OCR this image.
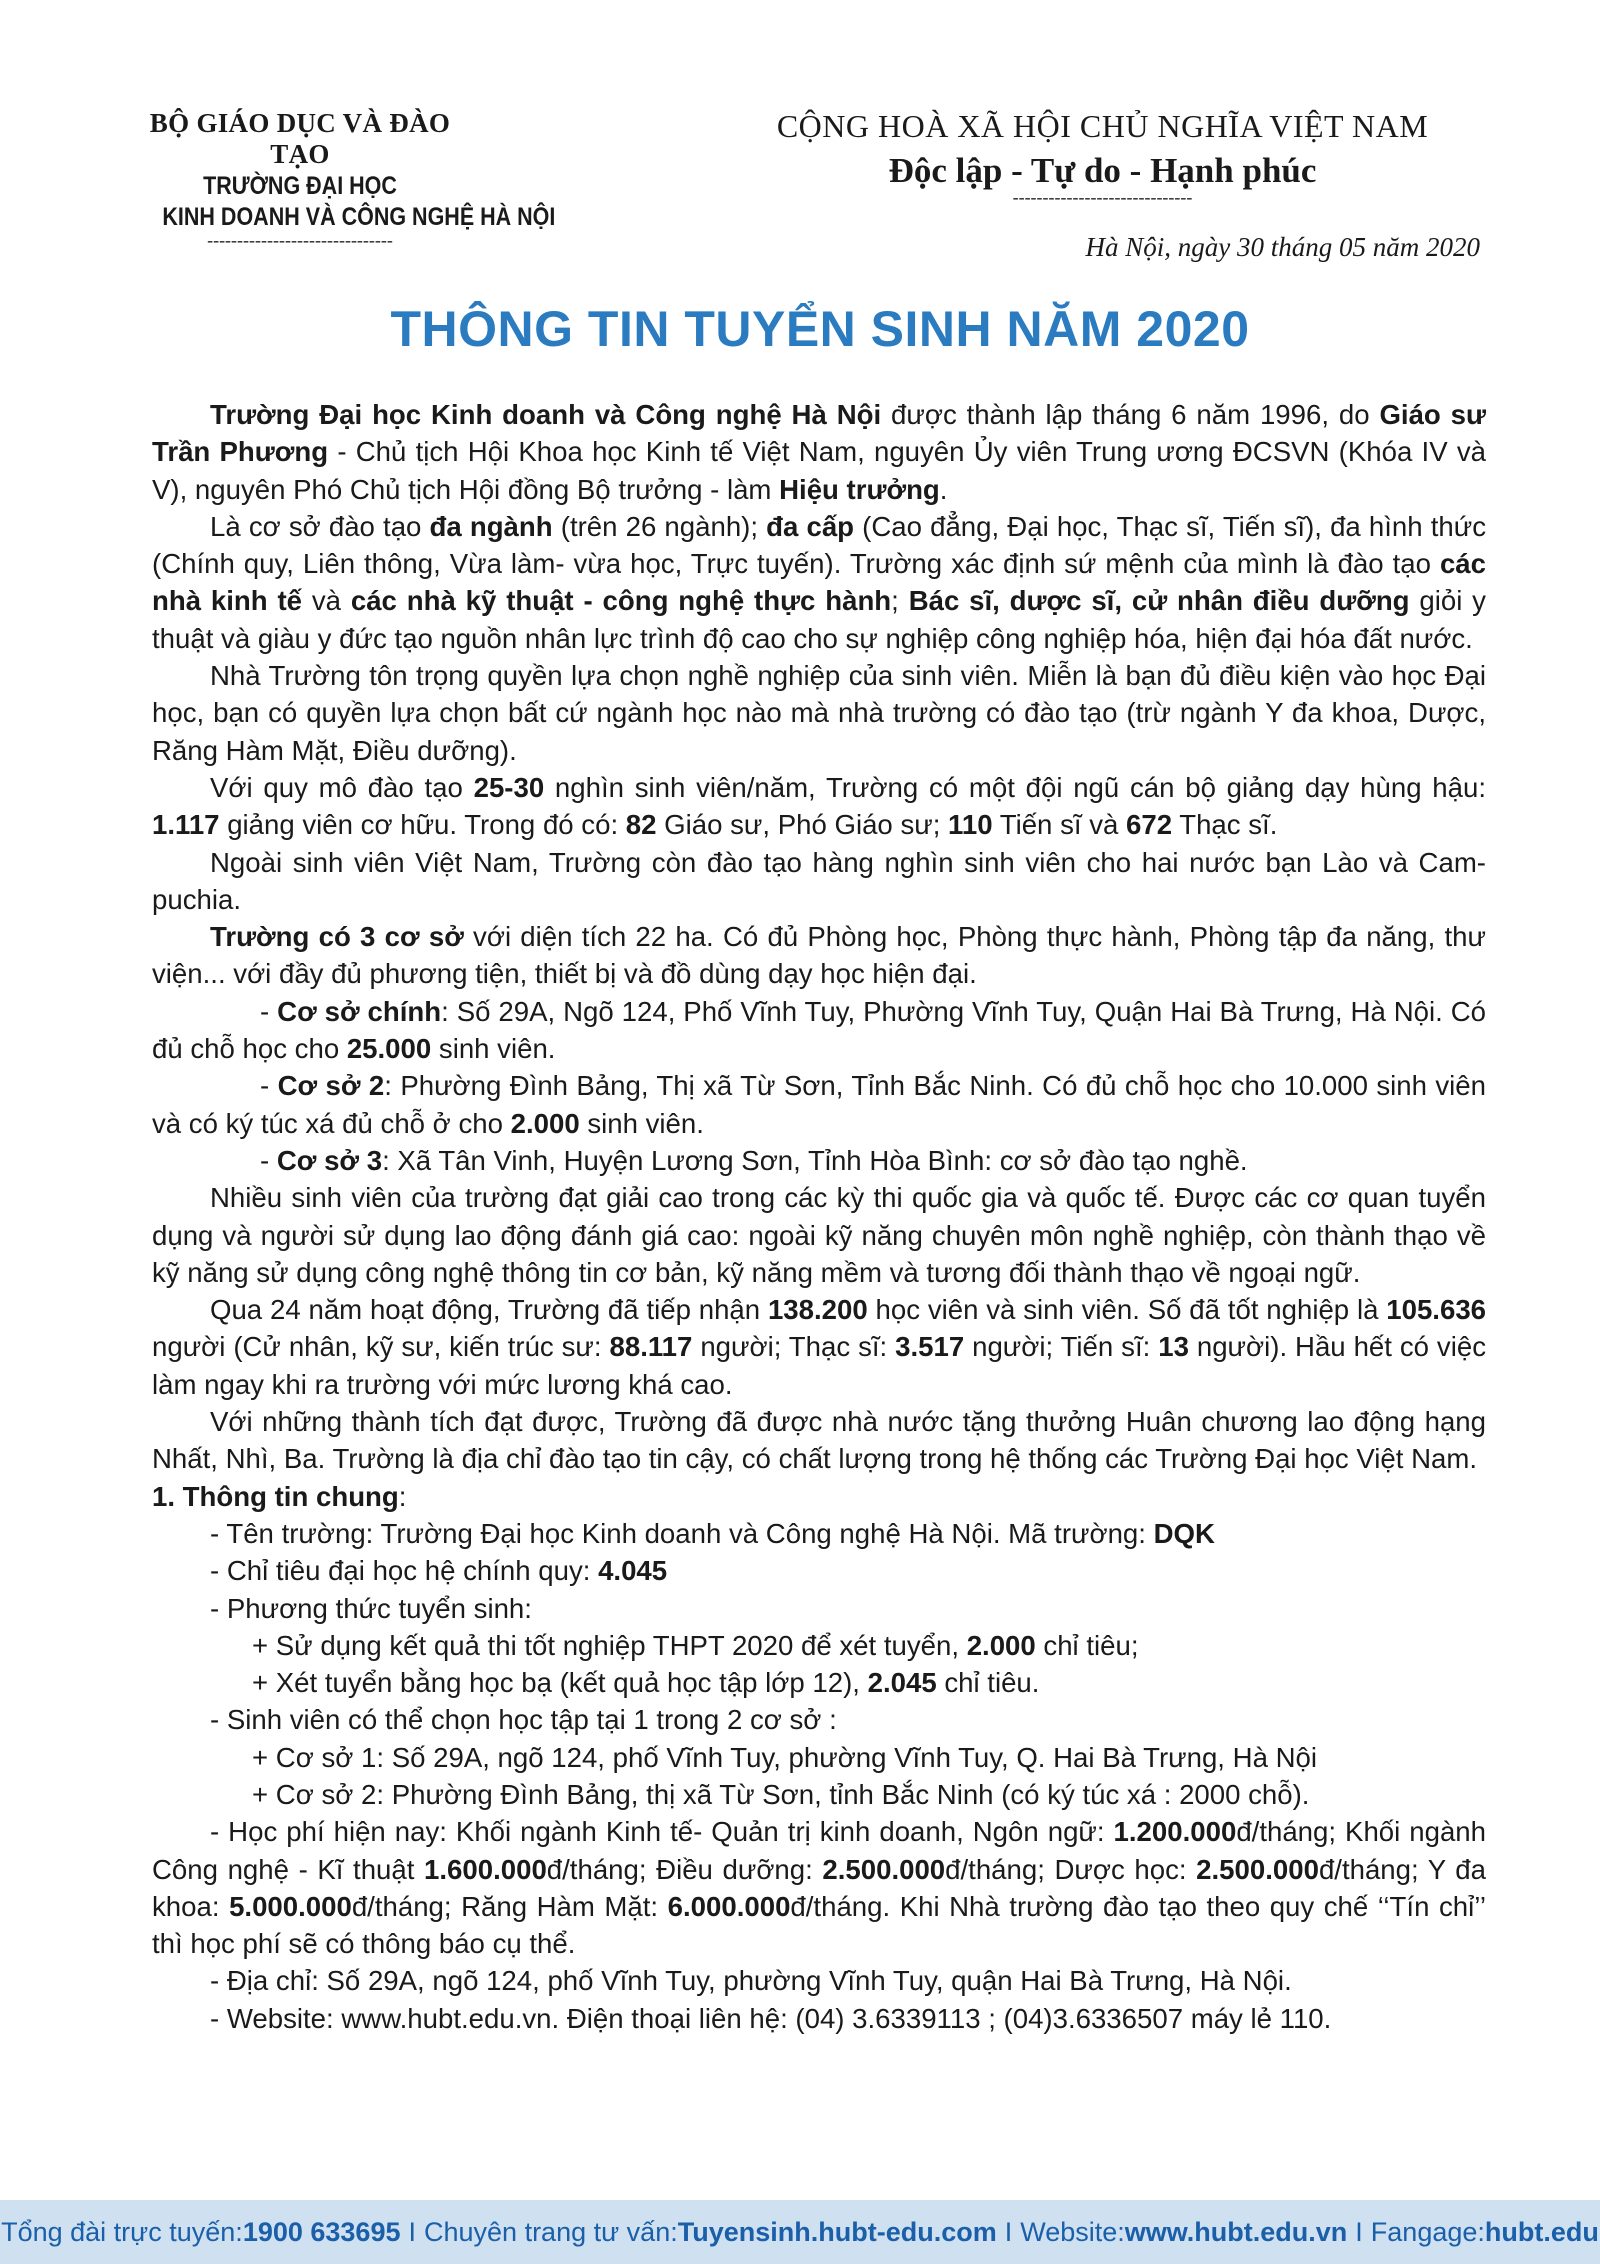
BỘ GIÁO DỤC VÀ ĐÀO TẠO
TRƯỜNG ĐẠI HỌC
KINH DOANH VÀ CÔNG NGHỆ HÀ NỘI
-------------------------------
CỘNG HOÀ XÃ HỘI CHỦ NGHĨA VIỆT NAM
Độc lập - Tự do - Hạnh phúc
------------------------------
Hà Nội, ngày 30 tháng 05 năm 2020
THÔNG TIN TUYỂN SINH NĂM 2020

Trường Đại học Kinh doanh và Công nghệ Hà Nội được thành lập tháng 6 năm 1996, do Giáo sư Trần Phương - Chủ tịch Hội Khoa học Kinh tế Việt Nam, nguyên Ủy viên Trung ương ĐCSVN (Khóa IV và V), nguyên Phó Chủ tịch Hội đồng Bộ trưởng - làm Hiệu trưởng.

Là cơ sở đào tạo đa ngành (trên 26 ngành); đa cấp (Cao đẳng, Đại học, Thạc sĩ, Tiến sĩ), đa hình thức (Chính quy, Liên thông, Vừa làm- vừa học, Trực tuyến). Trường xác định sứ mệnh của mình là đào tạo các nhà kinh tế và các nhà kỹ thuật - công nghệ thực hành; Bác sĩ, dược sĩ, cử nhân điều dưỡng giỏi y thuật và giàu y đức tạo nguồn nhân lực trình độ cao cho sự nghiệp công nghiệp hóa, hiện đại hóa đất nước.

Nhà Trường tôn trọng quyền lựa chọn nghề nghiệp của sinh viên. Miễn là bạn đủ điều kiện vào học Đại học, bạn có quyền lựa chọn bất cứ ngành học nào mà nhà trường có đào tạo (trừ ngành Y đa khoa, Dược, Răng Hàm Mặt, Điều dưỡng).

Với quy mô đào tạo 25-30 nghìn sinh viên/năm, Trường có một đội ngũ cán bộ giảng dạy hùng hậu: 1.117 giảng viên cơ hữu. Trong đó có: 82 Giáo sư, Phó Giáo sư; 110 Tiến sĩ và 672 Thạc sĩ.

Ngoài sinh viên Việt Nam, Trường còn đào tạo hàng nghìn sinh viên cho hai nước bạn Lào và Cam-puchia.

Trường có 3 cơ sở với diện tích 22 ha. Có đủ Phòng học, Phòng thực hành, Phòng tập đa năng, thư viện... với đầy đủ phương tiện, thiết bị và đồ dùng dạy học hiện đại.

- Cơ sở chính: Số 29A, Ngõ 124, Phố Vĩnh Tuy, Phường Vĩnh Tuy, Quận Hai Bà Trưng, Hà Nội. Có đủ chỗ học cho 25.000 sinh viên.

- Cơ sở 2: Phường Đình Bảng, Thị xã Từ Sơn, Tỉnh Bắc Ninh. Có đủ chỗ học cho 10.000 sinh viên và có ký túc xá đủ chỗ ở cho 2.000 sinh viên.

- Cơ sở 3: Xã Tân Vinh, Huyện Lương Sơn, Tỉnh Hòa Bình: cơ sở đào tạo nghề.

Nhiều sinh viên của trường đạt giải cao trong các kỳ thi quốc gia và quốc tế. Được các cơ quan tuyển dụng và người sử dụng lao động đánh giá cao: ngoài kỹ năng chuyên môn nghề nghiệp, còn thành thạo về kỹ năng sử dụng công nghệ thông tin cơ bản, kỹ năng mềm và tương đối thành thạo về ngoại ngữ.

Qua 24 năm hoạt động, Trường đã tiếp nhận 138.200 học viên và sinh viên. Số đã tốt nghiệp là 105.636 người (Cử nhân, kỹ sư, kiến trúc sư: 88.117 người; Thạc sĩ: 3.517 người; Tiến sĩ: 13 người). Hầu hết có việc làm ngay khi ra trường với mức lương khá cao.

Với những thành tích đạt được, Trường đã được nhà nước tặng thưởng Huân chương lao động hạng Nhất, Nhì, Ba. Trường là địa chỉ đào tạo tin cậy, có chất lượng trong hệ thống các Trường Đại học Việt Nam.

1. Thông tin chung:

- Tên trường: Trường Đại học Kinh doanh và Công nghệ Hà Nội. Mã trường: DQK

- Chỉ tiêu đại học hệ chính quy: 4.045

- Phương thức tuyển sinh:

+ Sử dụng kết quả thi tốt nghiệp THPT 2020 để xét tuyển, 2.000 chỉ tiêu;

+ Xét tuyển bằng học bạ (kết quả học tập lớp 12), 2.045 chỉ tiêu.

- Sinh viên có thể chọn học tập tại 1 trong 2 cơ sở :

+ Cơ sở 1: Số 29A, ngõ 124, phố Vĩnh Tuy, phường Vĩnh Tuy, Q. Hai Bà Trưng, Hà Nội

+ Cơ sở 2: Phường Đình Bảng, thị xã Từ Sơn, tỉnh Bắc Ninh (có ký túc xá : 2000 chỗ).

- Học phí hiện nay: Khối ngành Kinh tế- Quản trị kinh doanh, Ngôn ngữ: 1.200.000đ/tháng; Khối ngành Công nghệ - Kĩ thuật 1.600.000đ/tháng; Điều dưỡng: 2.500.000đ/tháng; Dược học: 2.500.000đ/tháng; Y đa khoa: 5.000.000đ/tháng; Răng Hàm Mặt: 6.000.000đ/tháng. Khi Nhà trường đào tạo theo quy chế ‘‘Tín chỉ’’ thì học phí sẽ có thông báo cụ thể.

- Địa chỉ: Số 29A, ngõ 124, phố Vĩnh Tuy, phường Vĩnh Tuy, quận Hai Bà Trưng, Hà Nội.

- Website: www.hubt.edu.vn. Điện thoại liên hệ: (04) 3.6339113 ; (04)3.6336507 máy lẻ 110.

Tổng đài trực tuyến: 1900 633695 I Chuyên trang tư vấn: Tuyensinh.hubt-edu.com I Website: www.hubt.edu.vn I Fangage: hubt.edu
